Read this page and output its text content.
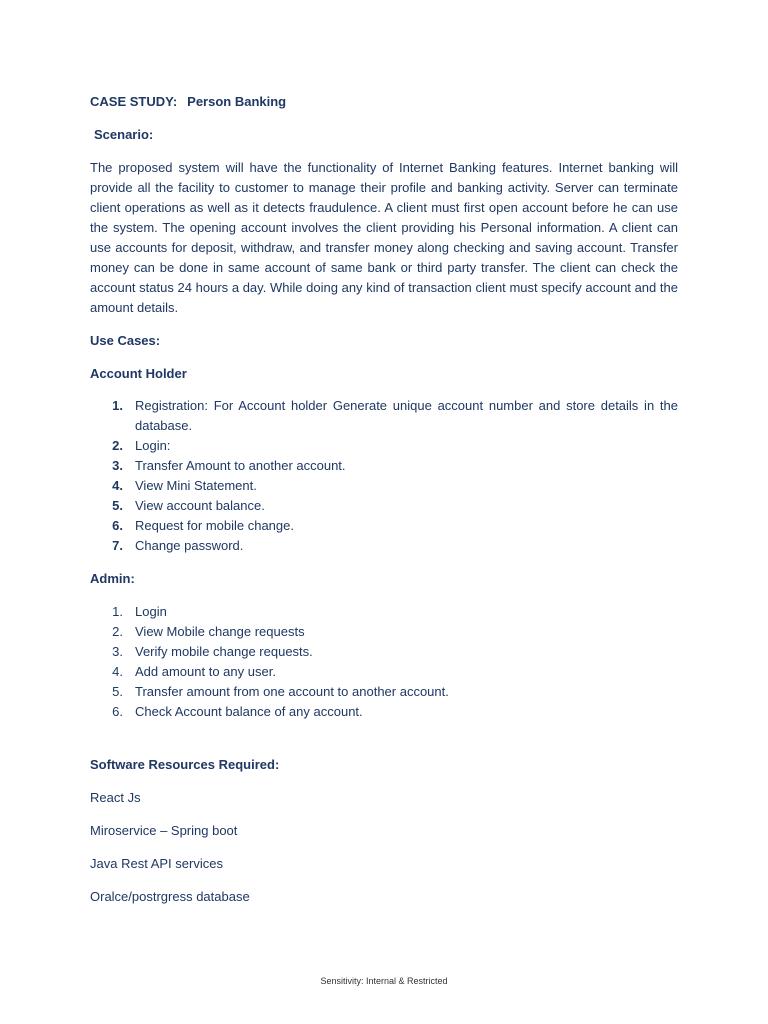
CASE STUDY: Person Banking

Scenario:

The proposed system will have the functionality of Internet Banking features. Internet banking will provide all the facility to customer to manage their profile and banking activity. Server can terminate client operations as well as it detects fraudulence. A client must first open account before he can use the system. The opening account involves the client providing his Personal information. A client can use accounts for deposit, withdraw, and transfer money along checking and saving account. Transfer money can be done in same account of same bank or third party transfer. The client can check the account status 24 hours a day. While doing any kind of transaction client must specify account and the amount details.

Use Cases:

Account Holder

1. Registration: For Account holder Generate unique account number and store details in the database.
2. Login:
3. Transfer Amount to another account.
4. View Mini Statement.
5. View account balance.
6. Request for mobile change.
7. Change password.

Admin:

1. Login
2. View Mobile change requests
3. Verify mobile change requests.
4. Add amount to any user.
5. Transfer amount from one account to another account.
6. Check Account balance of any account.

Software Resources Required:

React Js

Miroservice – Spring boot

Java Rest API services

Oralce/postrgress database

Sensitivity: Internal & Restricted
